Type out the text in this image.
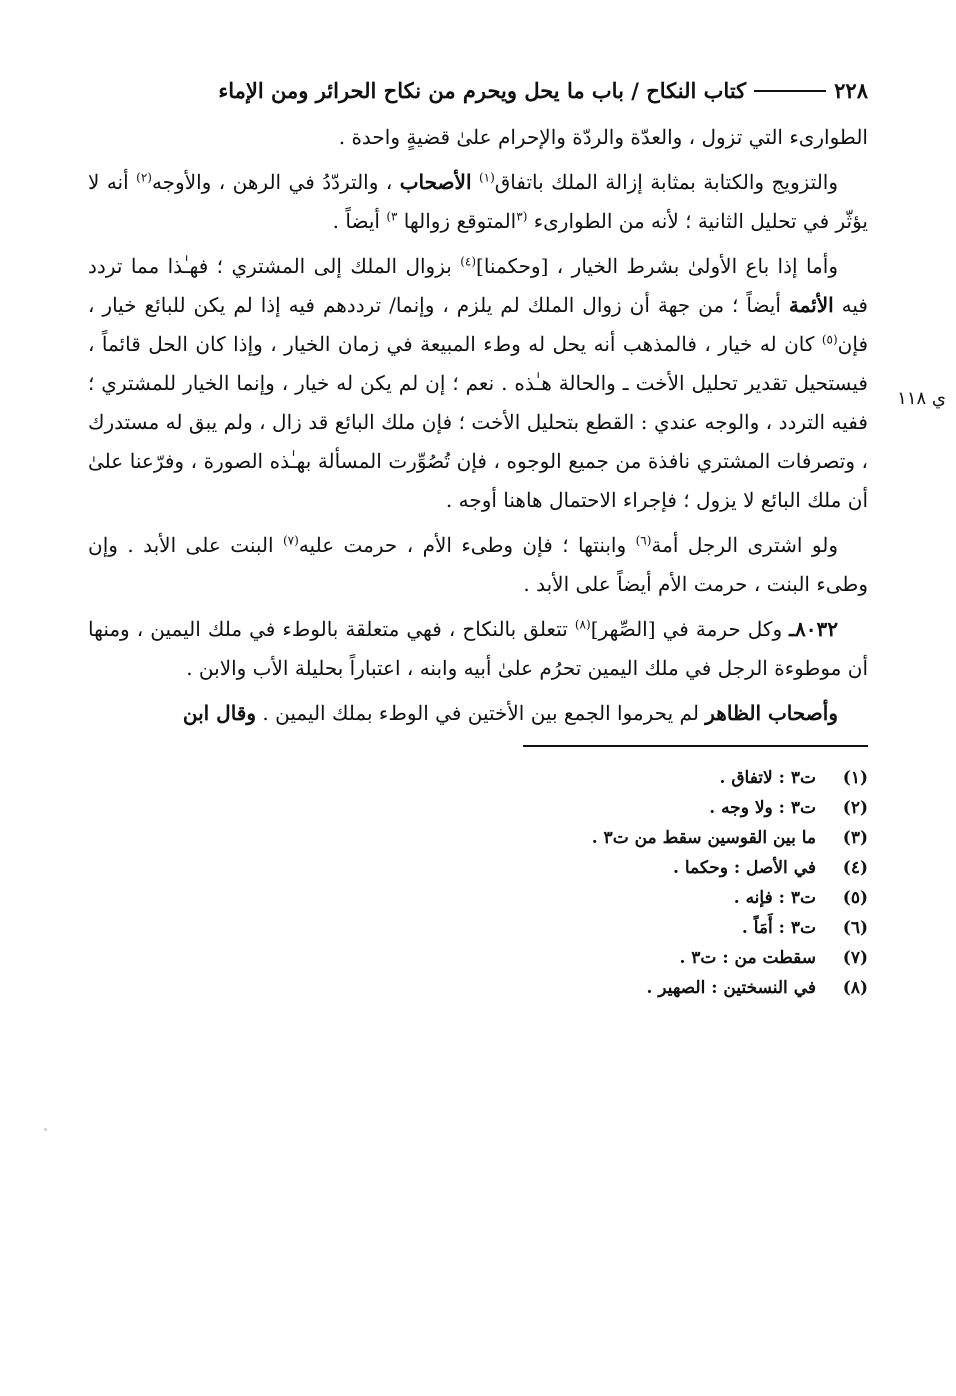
٢٢٨
كتاب النكاح / باب ما يحل ويحرم من نكاح الحرائر ومن الإماء
ي ١١٨

الطوارىء التي تزول ، والعدّة والردّة والإحرام علىٰ قضيةٍ واحدة .

والتزويج والكتابة بمثابة إزالة الملك باتفاق$^{(١)}$ الأصحاب ، والتردّدُ في الرهن ، والأوجه$^{(٢)}$ أنه لا يؤثّر في تحليل الثانية ؛ لأنه من الطوارىء $^{(٣}$المتوقع زوالها $^{٣)}$ أيضاً .

وأما إذا باع الأولىٰ بشرط الخيار ، [وحكمنا]$^{(٤)}$ بزوال الملك إلى المشتري ؛ فهـٰذا مما تردد فيه الأئمة أيضاً ؛ من جهة أن زوال الملك لم يلزم ، وإنما/ ترددهم فيه إذا لم يكن للبائع خيار ، فإن$^{(٥)}$ كان له خيار ، فالمذهب أنه يحل له وطء المبيعة في زمان الخيار ، وإذا كان الحل قائماً ، فيستحيل تقدير تحليل الأخت ـ والحالة هـٰذه . نعم ؛ إن لم يكن له خيار ، وإنما الخيار للمشتري ؛ ففيه التردد ، والوجه عندي : القطع بتحليل الأخت ؛ فإن ملك البائع قد زال ، ولم يبق له مستدرك ، وتصرفات المشتري نافذة من جميع الوجوه ، فإن تُصُوِّرت المسألة بهـٰذه الصورة ، وفرّعنا علىٰ أن ملك البائع لا يزول ؛ فإجراء الاحتمال هاهنا أوجه .

ولو اشترى الرجل أمة$^{(٦)}$ وابنتها ؛ فإن وطىء الأم ، حرمت عليه$^{(٧)}$ البنت على الأبد . وإن وطىء البنت ، حرمت الأم أيضاً على الأبد .

٨٠٣٢ـ وكل حرمة في [الصِّهر]$^{(٨)}$ تتعلق بالنكاح ، فهي متعلقة بالوطء في ملك اليمين ، ومنها أن موطوءة الرجل في ملك اليمين تحرُم علىٰ أبيه وابنه ، اعتباراً بحليلة الأب والابن .

وأصحاب الظاهر لم يحرموا الجمع بين الأختين في الوطء بملك اليمين . وقال ابن

(١)
ت٣ : لاتفاق .
(٢)
ت٣ : ولا وجه .
(٣)
ما بين القوسين سقط من ت٣ .
(٤)
في الأصل : وحكما .
(٥)
ت٣ : فإنه .
(٦)
ت٣ : أَمَاً .
(٧)
سقطت من : ت٣ .
(٨)
في النسختين : الصهير .
